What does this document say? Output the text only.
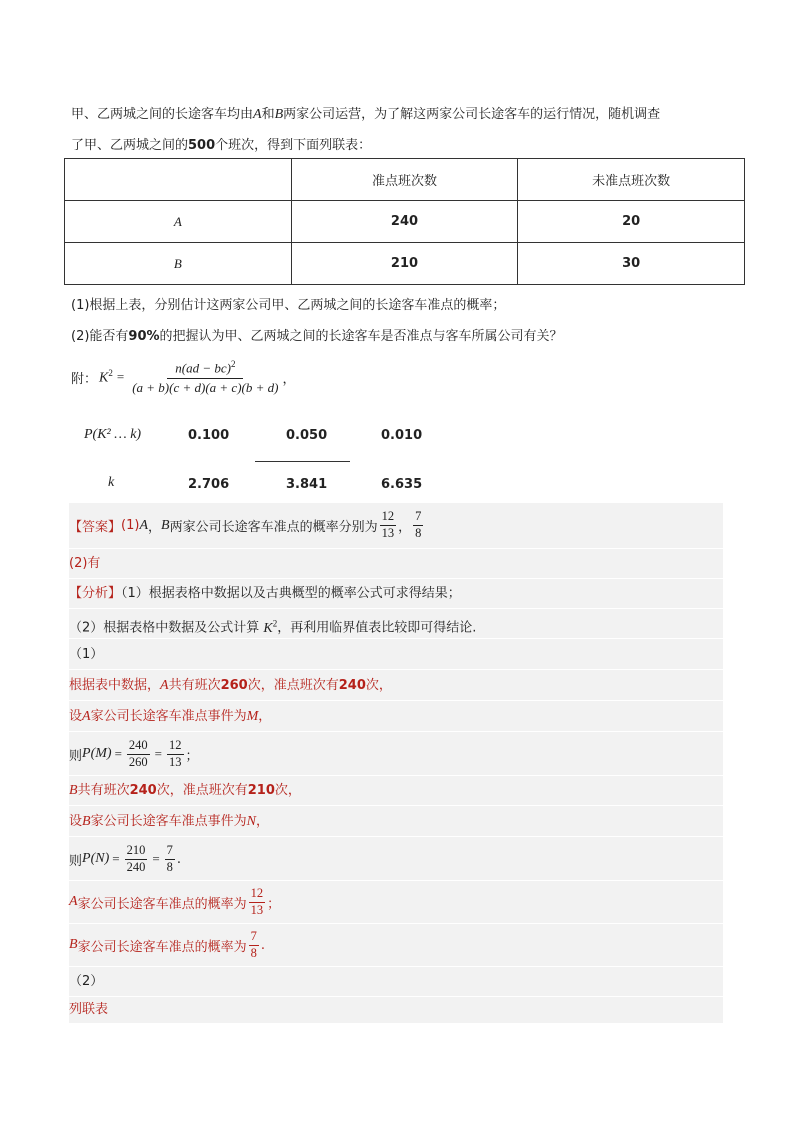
甲、乙两城之间的长途客车均由A和B两家公司运营，为了解这两家公司长途客车的运行情况，随机调查
了甲、乙两城之间的500个班次，得到下面列联表：
	准点班次数	未准点班次数
A	240	20
B	210	30
(1)根据上表，分别估计这两家公司甲、乙两城之间的长途客车准点的概率；
(2)能否有90%的把握认为甲、乙两城之间的长途客车是否准点与客车所属公司有关？
附： $K^2 = \frac{n(ad - bc)^2}{(a + b)(c + d)(a + c)(b + d)}$ ，
P(K² … k)	0.100	0.050	0.010
k	2.706	3.841	6.635
【答案】 (1) A ， B 两家公司长途客车准点的概率分别为 $\frac{12}{13}$ ， $\frac{7}{8}$
(2)有
【分析】（1）根据表格中数据以及古典概型的概率公式可求得结果；
（2）根据表格中数据及公式计算 $K^2$，再利用临界值表比较即可得结论.
（1）
根据表中数据，A共有班次260次，准点班次有240次，
设A家公司长途客车准点事件为M，
则 $P(M) = \frac{240}{260} = \frac{12}{13}$ ；
B共有班次240次，准点班次有210次，
设B家公司长途客车准点事件为N，
则 $P(N) = \frac{210}{240} = \frac{7}{8}$ .
A 家公司长途客车准点的概率为 $\frac{12}{13}$ ；
B 家公司长途客车准点的概率为 $\frac{7}{8}$ .
（2）
列联表
